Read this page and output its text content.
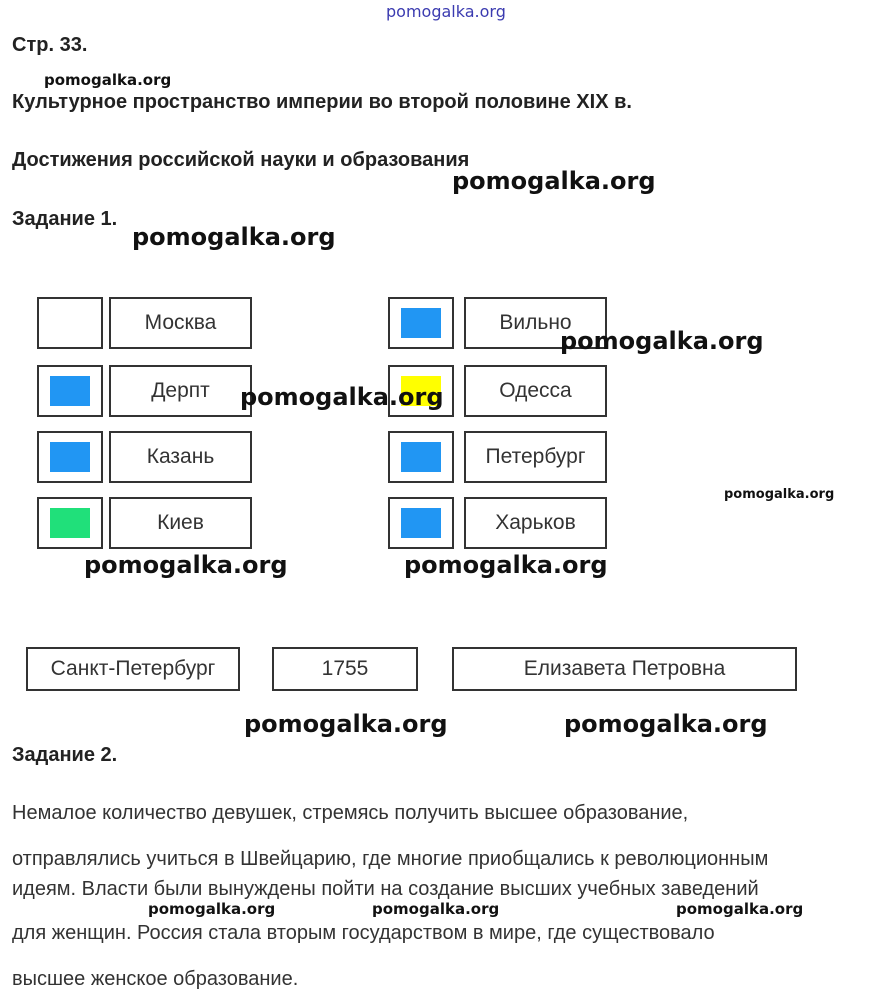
pomogalka.org
Стр. 33.
pomogalka.org
Культурное пространство империи во второй половине XIX в.
Достижения российской науки и образования
pomogalka.org
Задание 1.
pomogalka.org
Москва
Дерпт
Казань
Киев
Вильно
Одесса
Петербург
Харьков
pomogalka.org
pomogalka.org
pomogalka.org
pomogalka.org	pomogalka.org
Санкт-Петербург	1755	Елизавета Петровна
pomogalka.org	pomogalka.org
Задание 2.
Немалое количество девушек, стремясь получить высшее образование,
отправлялись учиться в Швейцарию, где многие приобщались к революционным
идеям. Власти были вынуждены пойти на создание высших учебных заведений
для женщин. Россия стала вторым государством в мире, где существовало
высшее женское образование.
pomogalka.org	pomogalka.org	pomogalka.org
